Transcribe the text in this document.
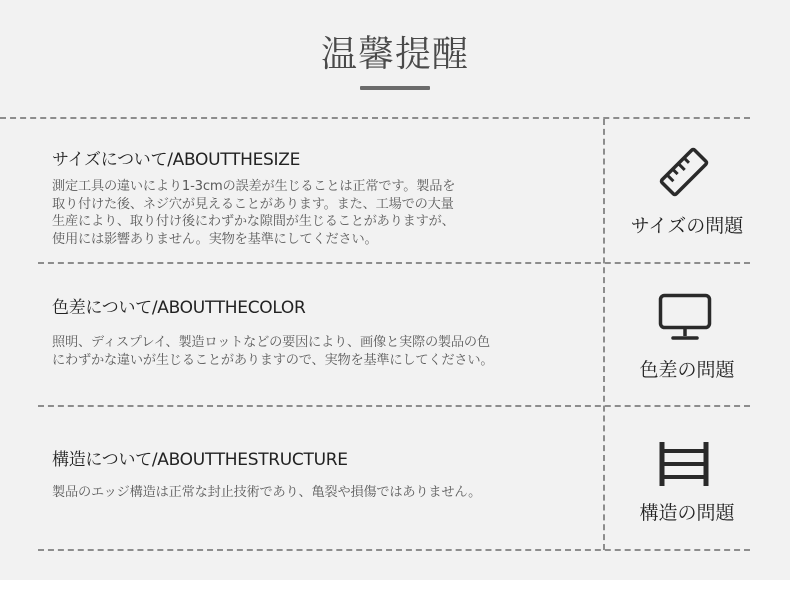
温馨提醒
サイズについて/ABOUTTHESIZE
測定工具の違いにより1-3cmの誤差が生じることは正常です。製品を
取り付けた後、ネジ穴が見えることがあります。また、工場での大量
生産により、取り付け後にわずかな隙間が生じることがありますが、
使用には影響ありません。実物を基準にしてください。
サイズの問題
色差について/ABOUTTHECOLOR
照明、ディスプレイ、製造ロットなどの要因により、画像と実際の製品の色
にわずかな違いが生じることがありますので、実物を基準にしてください。	色差の問題
構造について/ABOUTTHESTRUCTURE
製品のエッジ構造は正常な封止技術であり、亀裂や損傷ではありません。
構造の問題
